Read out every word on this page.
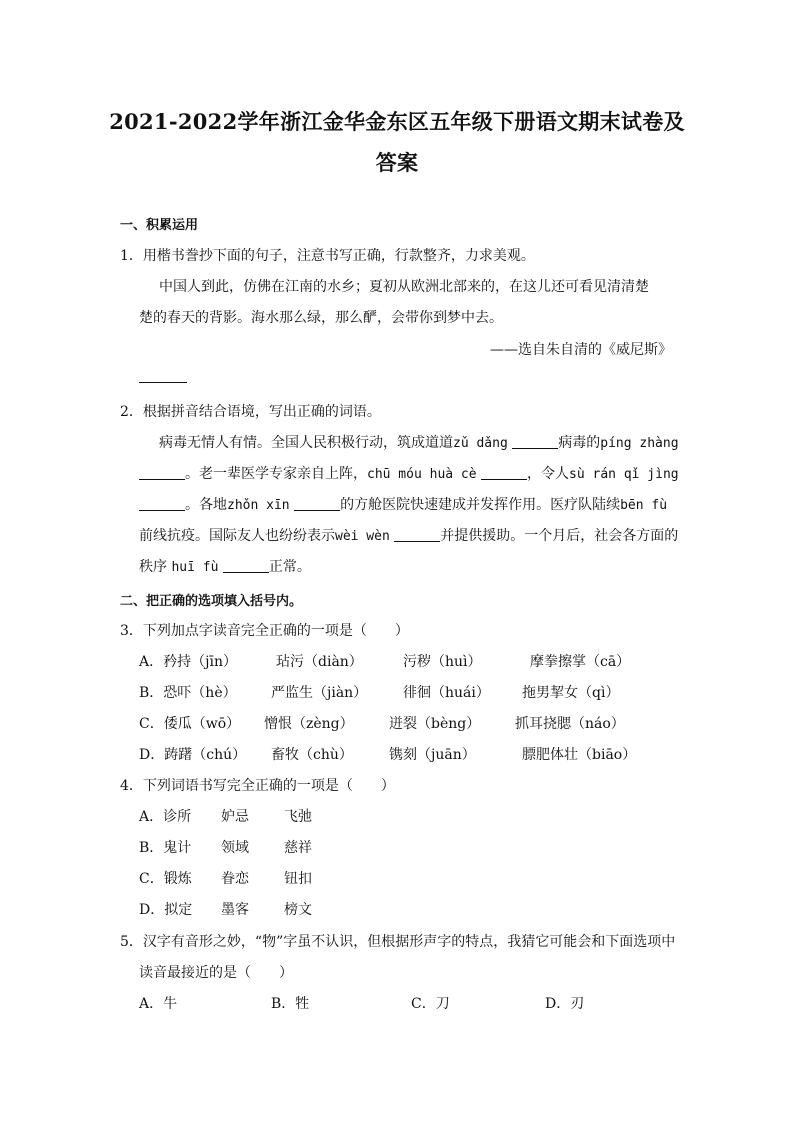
2021-2022学年浙江金华金东区五年级下册语文期末试卷及
答案
一、积累运用
1．用楷书誊抄下面的句子，注意书写正确，行款整齐，力求美观。
中国人到此，仿佛在江南的水乡；夏初从欧洲北部来的，在这儿还可看见清清楚
楚的春天的背影。海水那么绿，那么酽，会带你到梦中去。
——选自朱自清的《威尼斯》
2．根据拼音结合语境，写出正确的词语。
病毒无情人有情。全国人民积极行动，筑成道道zǔ dǎng	病毒的píng zhàng
。老一辈医学专家亲自上阵，chū móu huà cè	，令人sù rán qǐ jìng
。各地zhǒn xīn	的方舱医院快速建成并发挥作用。医疗队陆续bēn fù
前线抗疫。国际友人也纷纷表示wèi wèn	并提供援助。一个月后，社会各方面的
秩序 huī fù	正常。
二、把正确的选项填入括号内。
3．下列加点字读音完全正确的一项是（　　）
A．矜持（jīn）	玷污（diàn）	污秽（huì）	摩拳擦掌（cā）
B．恐吓（hè） 严监生（jiàn）	徘徊（huái） 拖男挈女（qì）
C．倭瓜（wō） 憎恨（zèng）	迸裂（bèng） 抓耳挠腮（náo）
D．踌躇（chú） 畜牧（chù）	镌刻（juān）	膘肥体壮（biāo）
4．下列词语书写完全正确的一项是（　　）
A．诊所 妒忌	飞弛
B．鬼计 领域	慈祥
C．锻炼 眷恋	钮扣
D．拟定 墨客	榜文
5．汉字有音形之妙，“物”字虽不认识，但根据形声字的特点，我猜它可能会和下面选项中
读音最接近的是（　　）
A．牛	B．牲	C．刀	D．刃
